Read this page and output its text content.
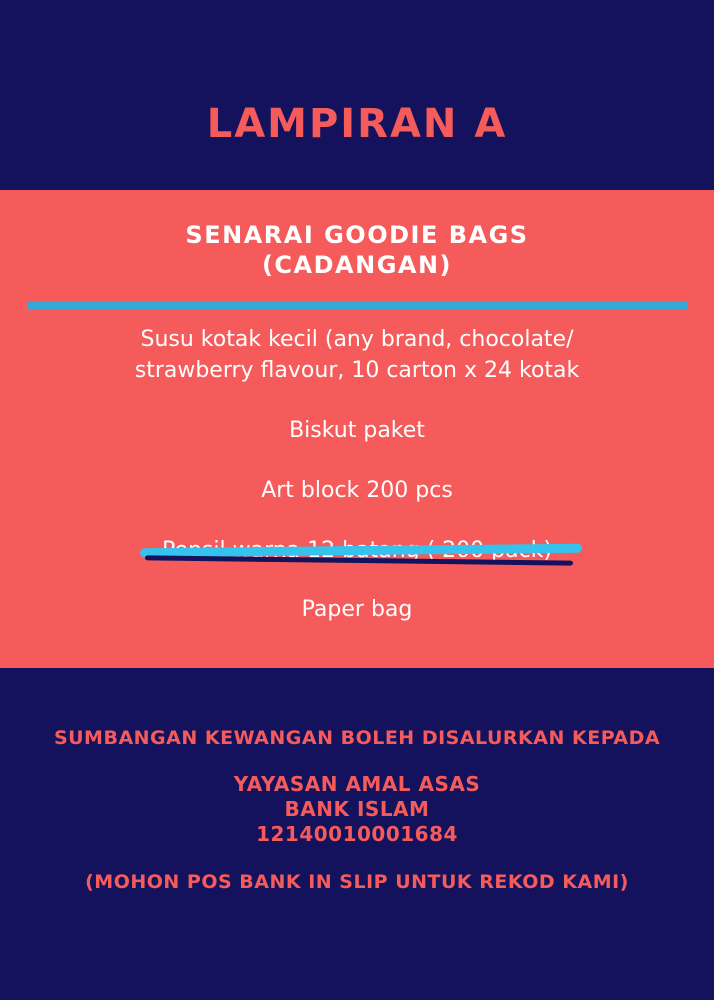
LAMPIRAN A
SENARAI GOODIE BAGS
(CADANGAN)
Susu kotak kecil (any brand, chocolate/
strawberry flavour, 10 carton x 24 kotak
Biskut paket
Art block 200 pcs
Paper bag
SUMBANGAN KEWANGAN BOLEH DISALURKAN KEPADA
YAYASAN AMAL ASAS
BANK ISLAM
12140010001684
(MOHON POS BANK IN SLIP UNTUK REKOD KAMI)
